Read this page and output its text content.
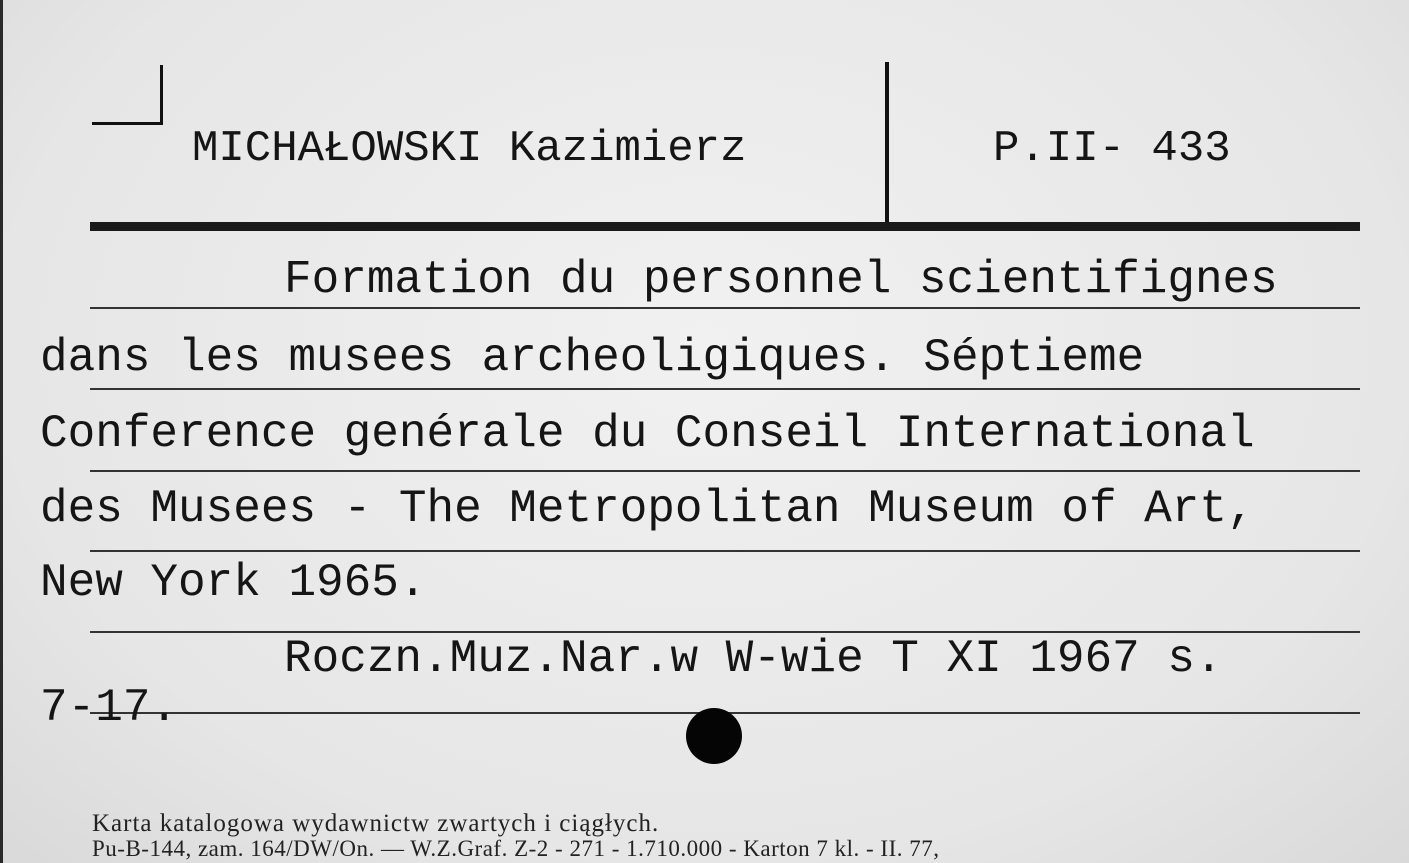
MICHAŁOWSKI Kazimierz	P.II- 433
Formation du personnel scientifignes
dans les musees archeoligiques. Séptieme
Conference genérale du Conseil International
des Musees - The Metropolitan Museum of Art,
New York 1965.
Roczn.Muz.Nar.w W-wie T XI 1967 s.
7-17.
Karta katalogowa wydawnictw zwartych i ciągłych.
Pu-B-144, zam. 164/DW/On. — W.Z.Graf. Z-2 - 271 - 1.710.000 - Karton 7 kl. - II. 77,
